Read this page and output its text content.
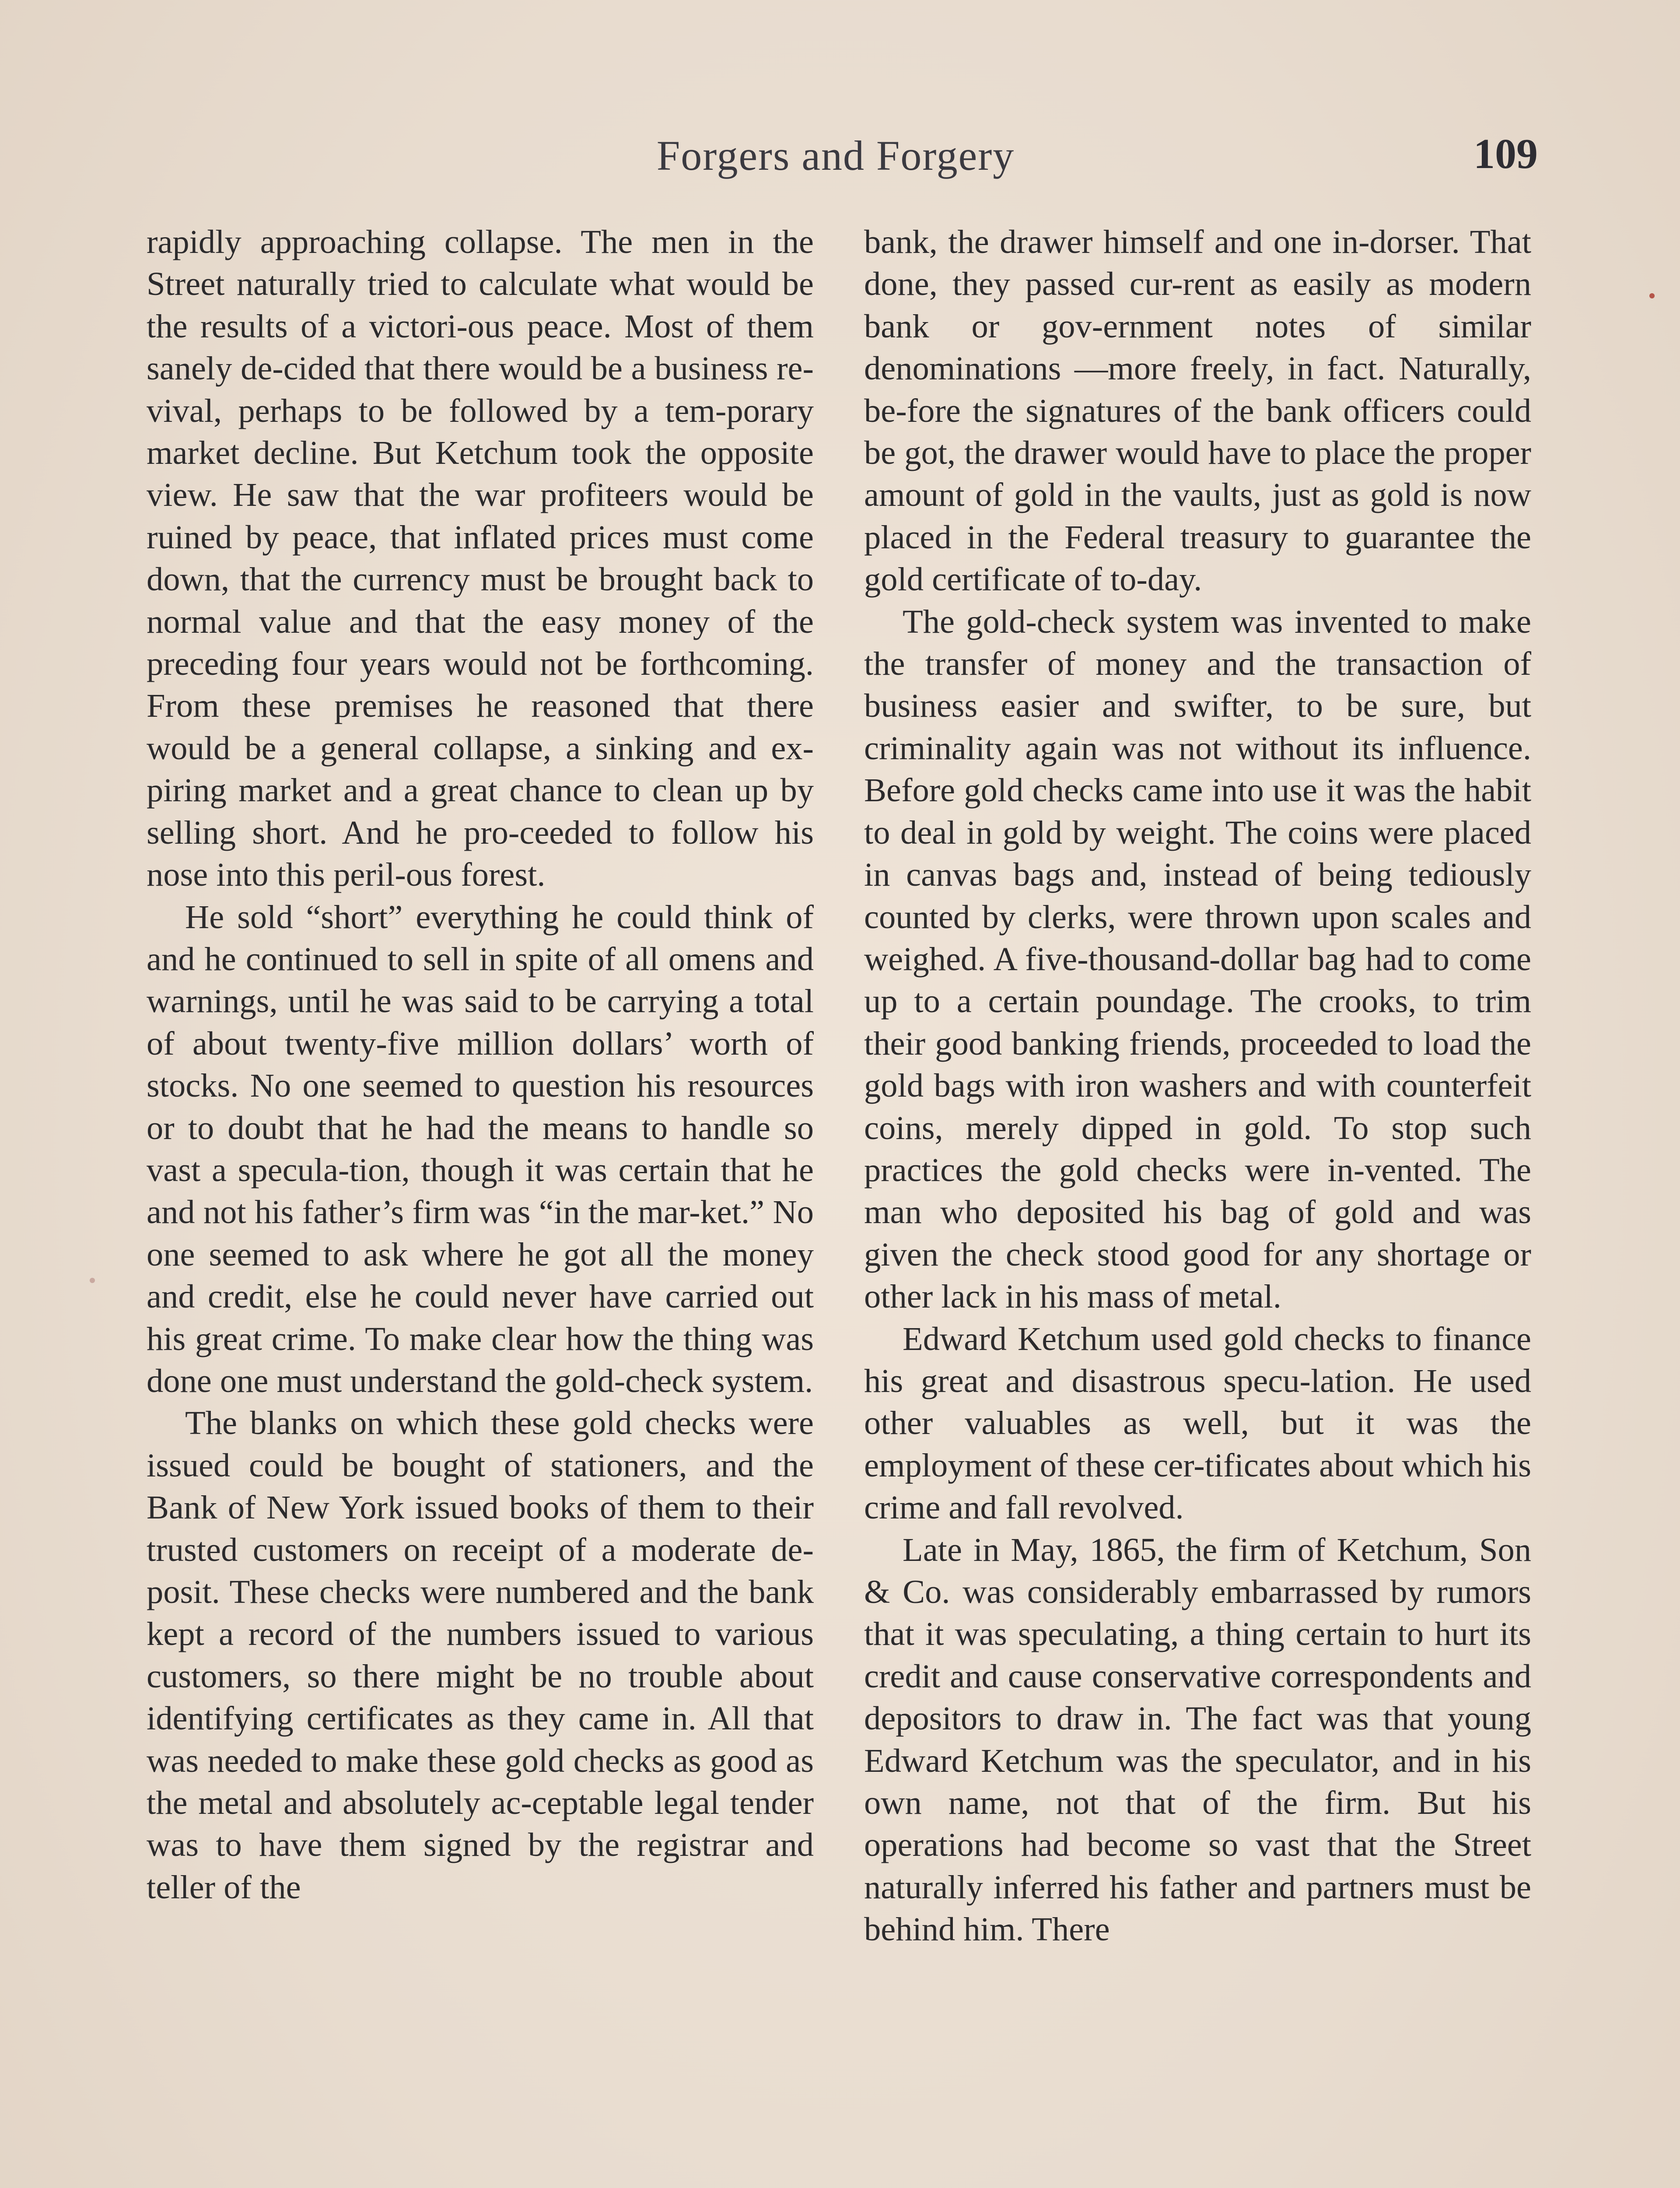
Forgers and Forgery	109

rapidly approaching collapse. The men in the Street naturally tried to calculate what would be the results of a victori-ous peace. Most of them sanely de-cided that there would be a business re-vival, perhaps to be followed by a tem-porary market decline. But Ketchum took the opposite view. He saw that the war profiteers would be ruined by peace, that inflated prices must come down, that the currency must be brought back to normal value and that the easy money of the preceding four years would not be forthcoming. From these premises he reasoned that there would be a general collapse, a sinking and ex-piring market and a great chance to clean up by selling short. And he pro-ceeded to follow his nose into this peril-ous forest.

He sold “short” everything he could think of and he continued to sell in spite of all omens and warnings, until he was said to be carrying a total of about twenty-five million dollars’ worth of stocks. No one seemed to question his resources or to doubt that he had the means to handle so vast a specula-tion, though it was certain that he and not his father’s firm was “in the mar-ket.” No one seemed to ask where he got all the money and credit, else he could never have carried out his great crime. To make clear how the thing was done one must understand the gold-check system.

The blanks on which these gold checks were issued could be bought of stationers, and the Bank of New York issued books of them to their trusted customers on receipt of a moderate de-posit. These checks were numbered and the bank kept a record of the numbers issued to various customers, so there might be no trouble about identifying certificates as they came in. All that was needed to make these gold checks as good as the metal and absolutely ac-ceptable legal tender was to have them signed by the registrar and teller of the

bank, the drawer himself and one in-dorser. That done, they passed cur-rent as easily as modern bank or gov-ernment notes of similar denominations —more freely, in fact. Naturally, be-fore the signatures of the bank officers could be got, the drawer would have to place the proper amount of gold in the vaults, just as gold is now placed in the Federal treasury to guarantee the gold certificate of to-day.

The gold-check system was invented to make the transfer of money and the transaction of business easier and swifter, to be sure, but criminality again was not without its influence. Before gold checks came into use it was the habit to deal in gold by weight. The coins were placed in canvas bags and, instead of being tediously counted by clerks, were thrown upon scales and weighed. A five-thousand-dollar bag had to come up to a certain poundage. The crooks, to trim their good banking friends, proceeded to load the gold bags with iron washers and with counterfeit coins, merely dipped in gold. To stop such practices the gold checks were in-vented. The man who deposited his bag of gold and was given the check stood good for any shortage or other lack in his mass of metal.

Edward Ketchum used gold checks to finance his great and disastrous specu-lation. He used other valuables as well, but it was the employment of these cer-tificates about which his crime and fall revolved.

Late in May, 1865, the firm of Ketchum, Son & Co. was considerably embarrassed by rumors that it was speculating, a thing certain to hurt its credit and cause conservative correspondents and depositors to draw in. The fact was that young Edward Ketchum was the speculator, and in his own name, not that of the firm. But his operations had become so vast that the Street naturally inferred his father and partners must be behind him. There
